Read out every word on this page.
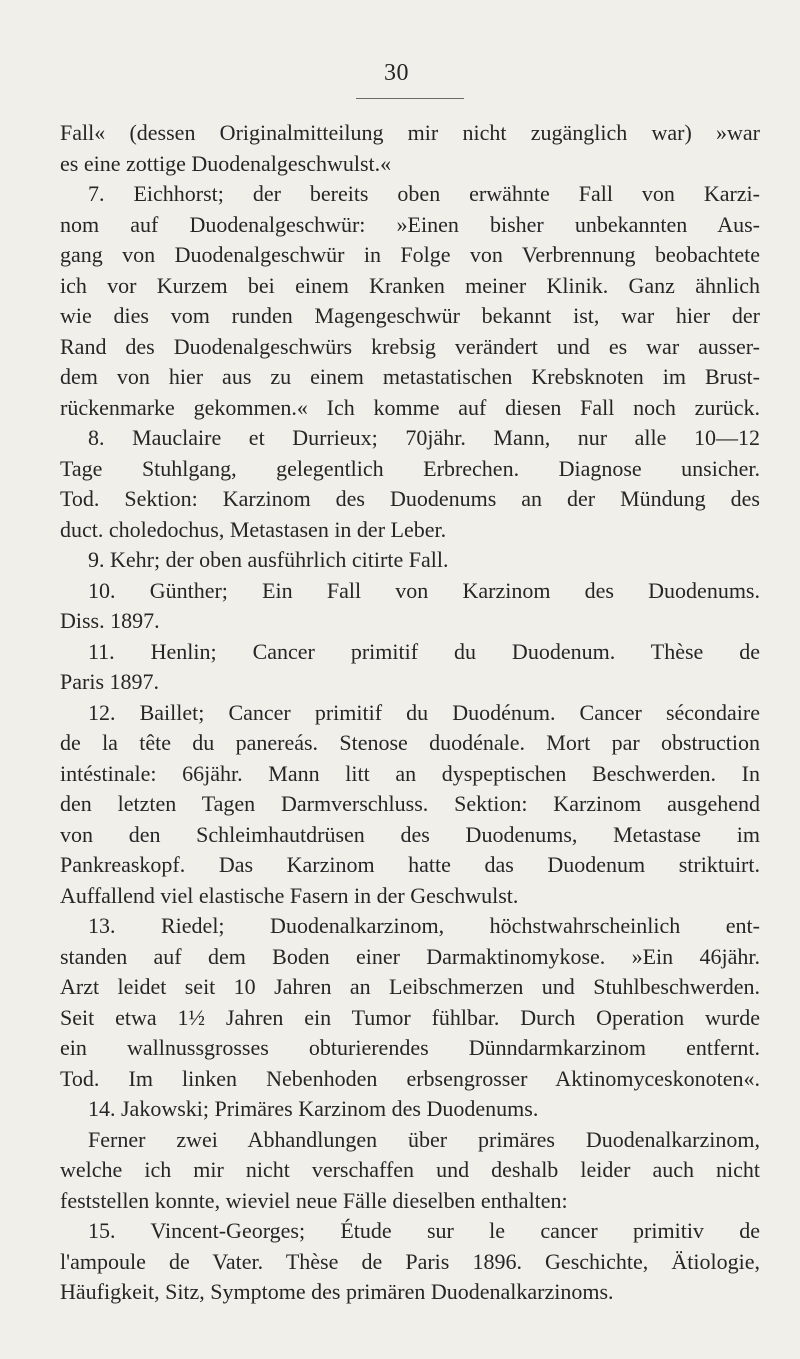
30
Fall« (dessen Originalmitteilung mir nicht zugänglich war) »war
es eine zottige Duodenalgeschwulst.«
7. Eichhorst; der bereits oben erwähnte Fall von Karzi-
nom auf Duodenalgeschwür: »Einen bisher unbekannten Aus-
gang von Duodenalgeschwür in Folge von Verbrennung beobachtete
ich vor Kurzem bei einem Kranken meiner Klinik. Ganz ähnlich
wie dies vom runden Magengeschwür bekannt ist, war hier der
Rand des Duodenalgeschwürs krebsig verändert und es war ausser-
dem von hier aus zu einem metastatischen Krebsknoten im Brust-
rückenmarke gekommen.« Ich komme auf diesen Fall noch zurück.
8. Mauclaire et Durrieux; 70jähr. Mann, nur alle 10—12
Tage Stuhlgang, gelegentlich Erbrechen. Diagnose unsicher.
Tod. Sektion: Karzinom des Duodenums an der Mündung des
duct. choledochus, Metastasen in der Leber.
9. Kehr; der oben ausführlich citirte Fall.
10. Günther; Ein Fall von Karzinom des Duodenums.
Diss. 1897.
11. Henlin; Cancer primitif du Duodenum. Thèse de
Paris 1897.
12. Baillet; Cancer primitif du Duodénum. Cancer sécondaire
de la tête du panereás. Stenose duodénale. Mort par obstruction
intéstinale: 66jähr. Mann litt an dyspeptischen Beschwerden. In
den letzten Tagen Darmverschluss. Sektion: Karzinom ausgehend
von den Schleimhautdrüsen des Duodenums, Metastase im
Pankreaskopf. Das Karzinom hatte das Duodenum striktuirt.
Auffallend viel elastische Fasern in der Geschwulst.
13. Riedel; Duodenalkarzinom, höchstwahrscheinlich ent-
standen auf dem Boden einer Darmaktinomykose. »Ein 46jähr.
Arzt leidet seit 10 Jahren an Leibschmerzen und Stuhlbeschwerden.
Seit etwa 1½ Jahren ein Tumor fühlbar. Durch Operation wurde
ein wallnussgrosses obturierendes Dünndarmkarzinom entfernt.
Tod. Im linken Nebenhoden erbsengrosser Aktinomyceskonoten«.
14. Jakowski; Primäres Karzinom des Duodenums.
Ferner zwei Abhandlungen über primäres Duodenalkarzinom,
welche ich mir nicht verschaffen und deshalb leider auch nicht
feststellen konnte, wieviel neue Fälle dieselben enthalten:
15. Vincent-Georges; Étude sur le cancer primitiv de
l'ampoule de Vater. Thèse de Paris 1896. Geschichte, Ätiologie,
Häufigkeit, Sitz, Symptome des primären Duodenalkarzinoms.
